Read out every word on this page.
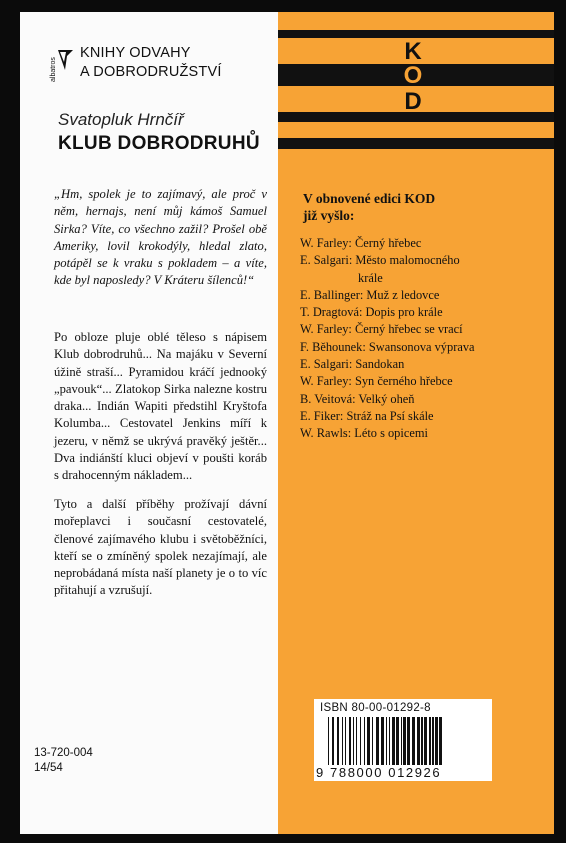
albatros
KNIHY ODVAHY
A DOBRODRUŽSTVÍ
Svatopluk Hrnčíř
KLUB DOBRODRUHŮ

„Hm, spolek je to zajímavý, ale proč v něm, hernajs, není můj kámoš Samuel Sirka? Víte, co všechno zažil? Prošel obě Ameriky, lovil krokodýly, hledal zlato, potápěl se k vraku s pokladem – a víte, kde byl naposledy? V Kráteru šílenců!“

Po obloze pluje oblé těleso s nápisem Klub dobrodruhů... Na majáku v Severní úžině straší... Pyramidou kráčí jednooký „pavouk“... Zlatokop Sirka nalezne kostru draka... Indián Wapiti předstihl Kryštofa Kolumba... Cestovatel Jenkins míří k jezeru, v němž se ukrývá pravěký ještěr... Dva indiánští kluci objeví v poušti koráb s drahocenným nákladem...

Tyto a další příběhy prožívají dávní mořeplavci i současní cestovatelé, členové zajímavého klubu i světoběžníci, kteří se o zmíněný spolek nezajímají, ale neprobádaná místa naší planety je o to víc přitahují a vzrušují.

13-720-004
14/54
K
O
D
V obnovené edici KOD
již vyšlo:
W. Farley: Černý hřebec
E. Salgari: Město malomocného
krále
E. Ballinger: Muž z ledovce
T. Dragtová: Dopis pro krále
W. Farley: Černý hřebec se vrací
F. Běhounek: Swansonova výprava
E. Salgari: Sandokan
W. Farley: Syn černého hřebce
B. Veitová: Velký oheň
E. Fiker: Stráž na Psí skále
W. Rawls: Léto s opicemi
ISBN 80-00-01292-8
9 788000 012926
